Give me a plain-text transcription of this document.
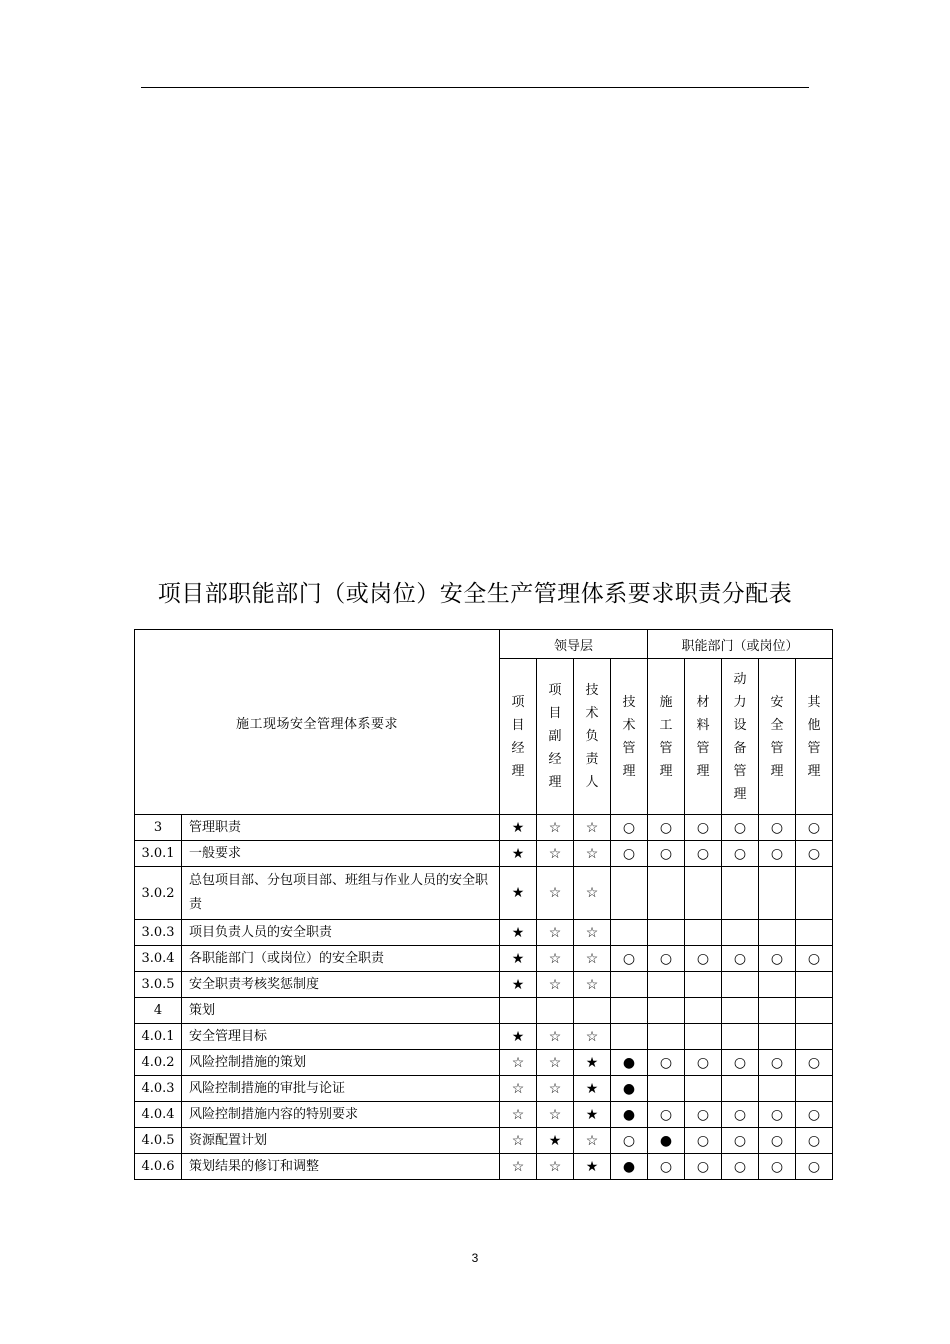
项目部职能部门（或岗位）安全生产管理体系要求职责分配表
施工现场安全管理体系要求		领导层				职能部门（或岗位）				
		项目经理	项目副经理	技术负责人	技术管理	施工管理	材料管理	动力设备管理	安全管理	其他管理
3	管理职责	★	☆	☆	○	○	○	○	○	○
3.0.1	一般要求	★	☆	☆	○	○	○	○	○	○
3.0.2	总包项目部、分包项目部、班组与作业人员的安全职责	★	☆	☆						
3.0.3	项目负责人员的安全职责	★	☆	☆						
3.0.4	各职能部门（或岗位）的安全职责	★	☆	☆	○	○	○	○	○	○
3.0.5	安全职责考核奖惩制度	★	☆	☆						
4	策划									
4.0.1	安全管理目标	★	☆	☆						
4.0.2	风险控制措施的策划	☆	☆	★	●	○	○	○	○	○
4.0.3	风险控制措施的审批与论证	☆	☆	★	●					
4.0.4	风险控制措施内容的特别要求	☆	☆	★	●	○	○	○	○	○
4.0.5	资源配置计划	☆	★	☆	○	●	○	○	○	○
4.0.6	策划结果的修订和调整	☆	☆	★	●	○	○	○	○	○
3
